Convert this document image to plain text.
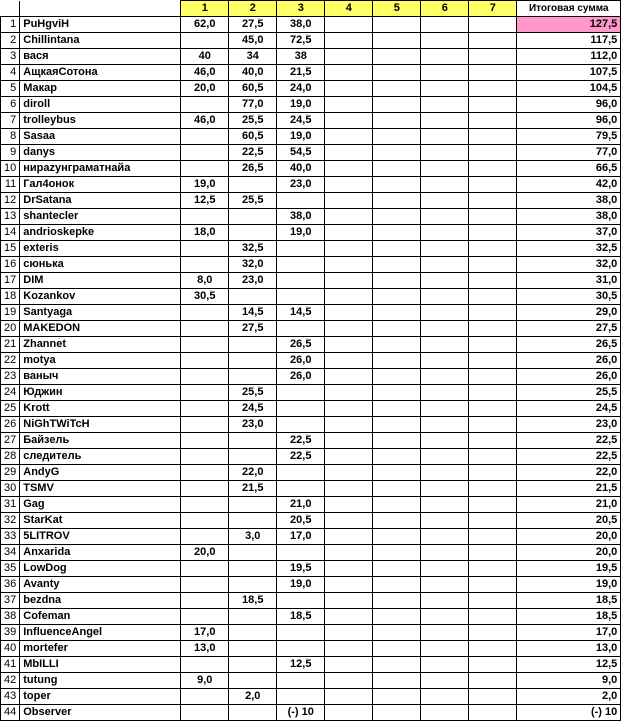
		1	2	3	4	5	6	7	Итоговая сумма
1	PuHgviH	62,0	27,5	38,0					127,5
2	Chillintana		45,0	72,5					117,5
3	вася	40	34	38					112,0
4	АщкаяСотона	46,0	40,0	21,5					107,5
5	Макар	20,0	60,5	24,0					104,5
6	diroll		77,0	19,0					96,0
7	trolleybus	46,0	25,5	24,5					96,0
8	Sasaa		60,5	19,0					79,5
9	danys		22,5	54,5					77,0
10	нираzунграматнайа		26,5	40,0					66,5
11	Гал4онок	19,0		23,0					42,0
12	DrSatana	12,5	25,5						38,0
13	shantecler			38,0					38,0
14	andrioskepke	18,0		19,0					37,0
15	exteris		32,5						32,5
16	сюнька		32,0						32,0
17	DIM	8,0	23,0						31,0
18	Kozankov	30,5							30,5
19	Santyaga		14,5	14,5					29,0
20	MAKEDON		27,5						27,5
21	Zhannet			26,5					26,5
22	motya			26,0					26,0
23	ваныч			26,0					26,0
24	Юджин		25,5						25,5
25	Krott		24,5						24,5
26	NiGhTWiTcH		23,0						23,0
27	Байзель			22,5					22,5
28	следитель			22,5					22,5
29	AndyG		22,0						22,0
30	TSMV		21,5						21,5
31	Gag			21,0					21,0
32	StarKat			20,5					20,5
33	5LITROV		3,0	17,0					20,0
34	Anxarida	20,0							20,0
35	LowDog			19,5					19,5
36	Avanty			19,0					19,0
37	bezdna		18,5						18,5
38	Cofeman			18,5					18,5
39	InfluenceAngel	17,0							17,0
40	mortefer	13,0							13,0
41	MbILLI			12,5					12,5
42	tutung	9,0							9,0
43	toper		2,0						2,0
44	Observer			(-) 10					(-) 10
